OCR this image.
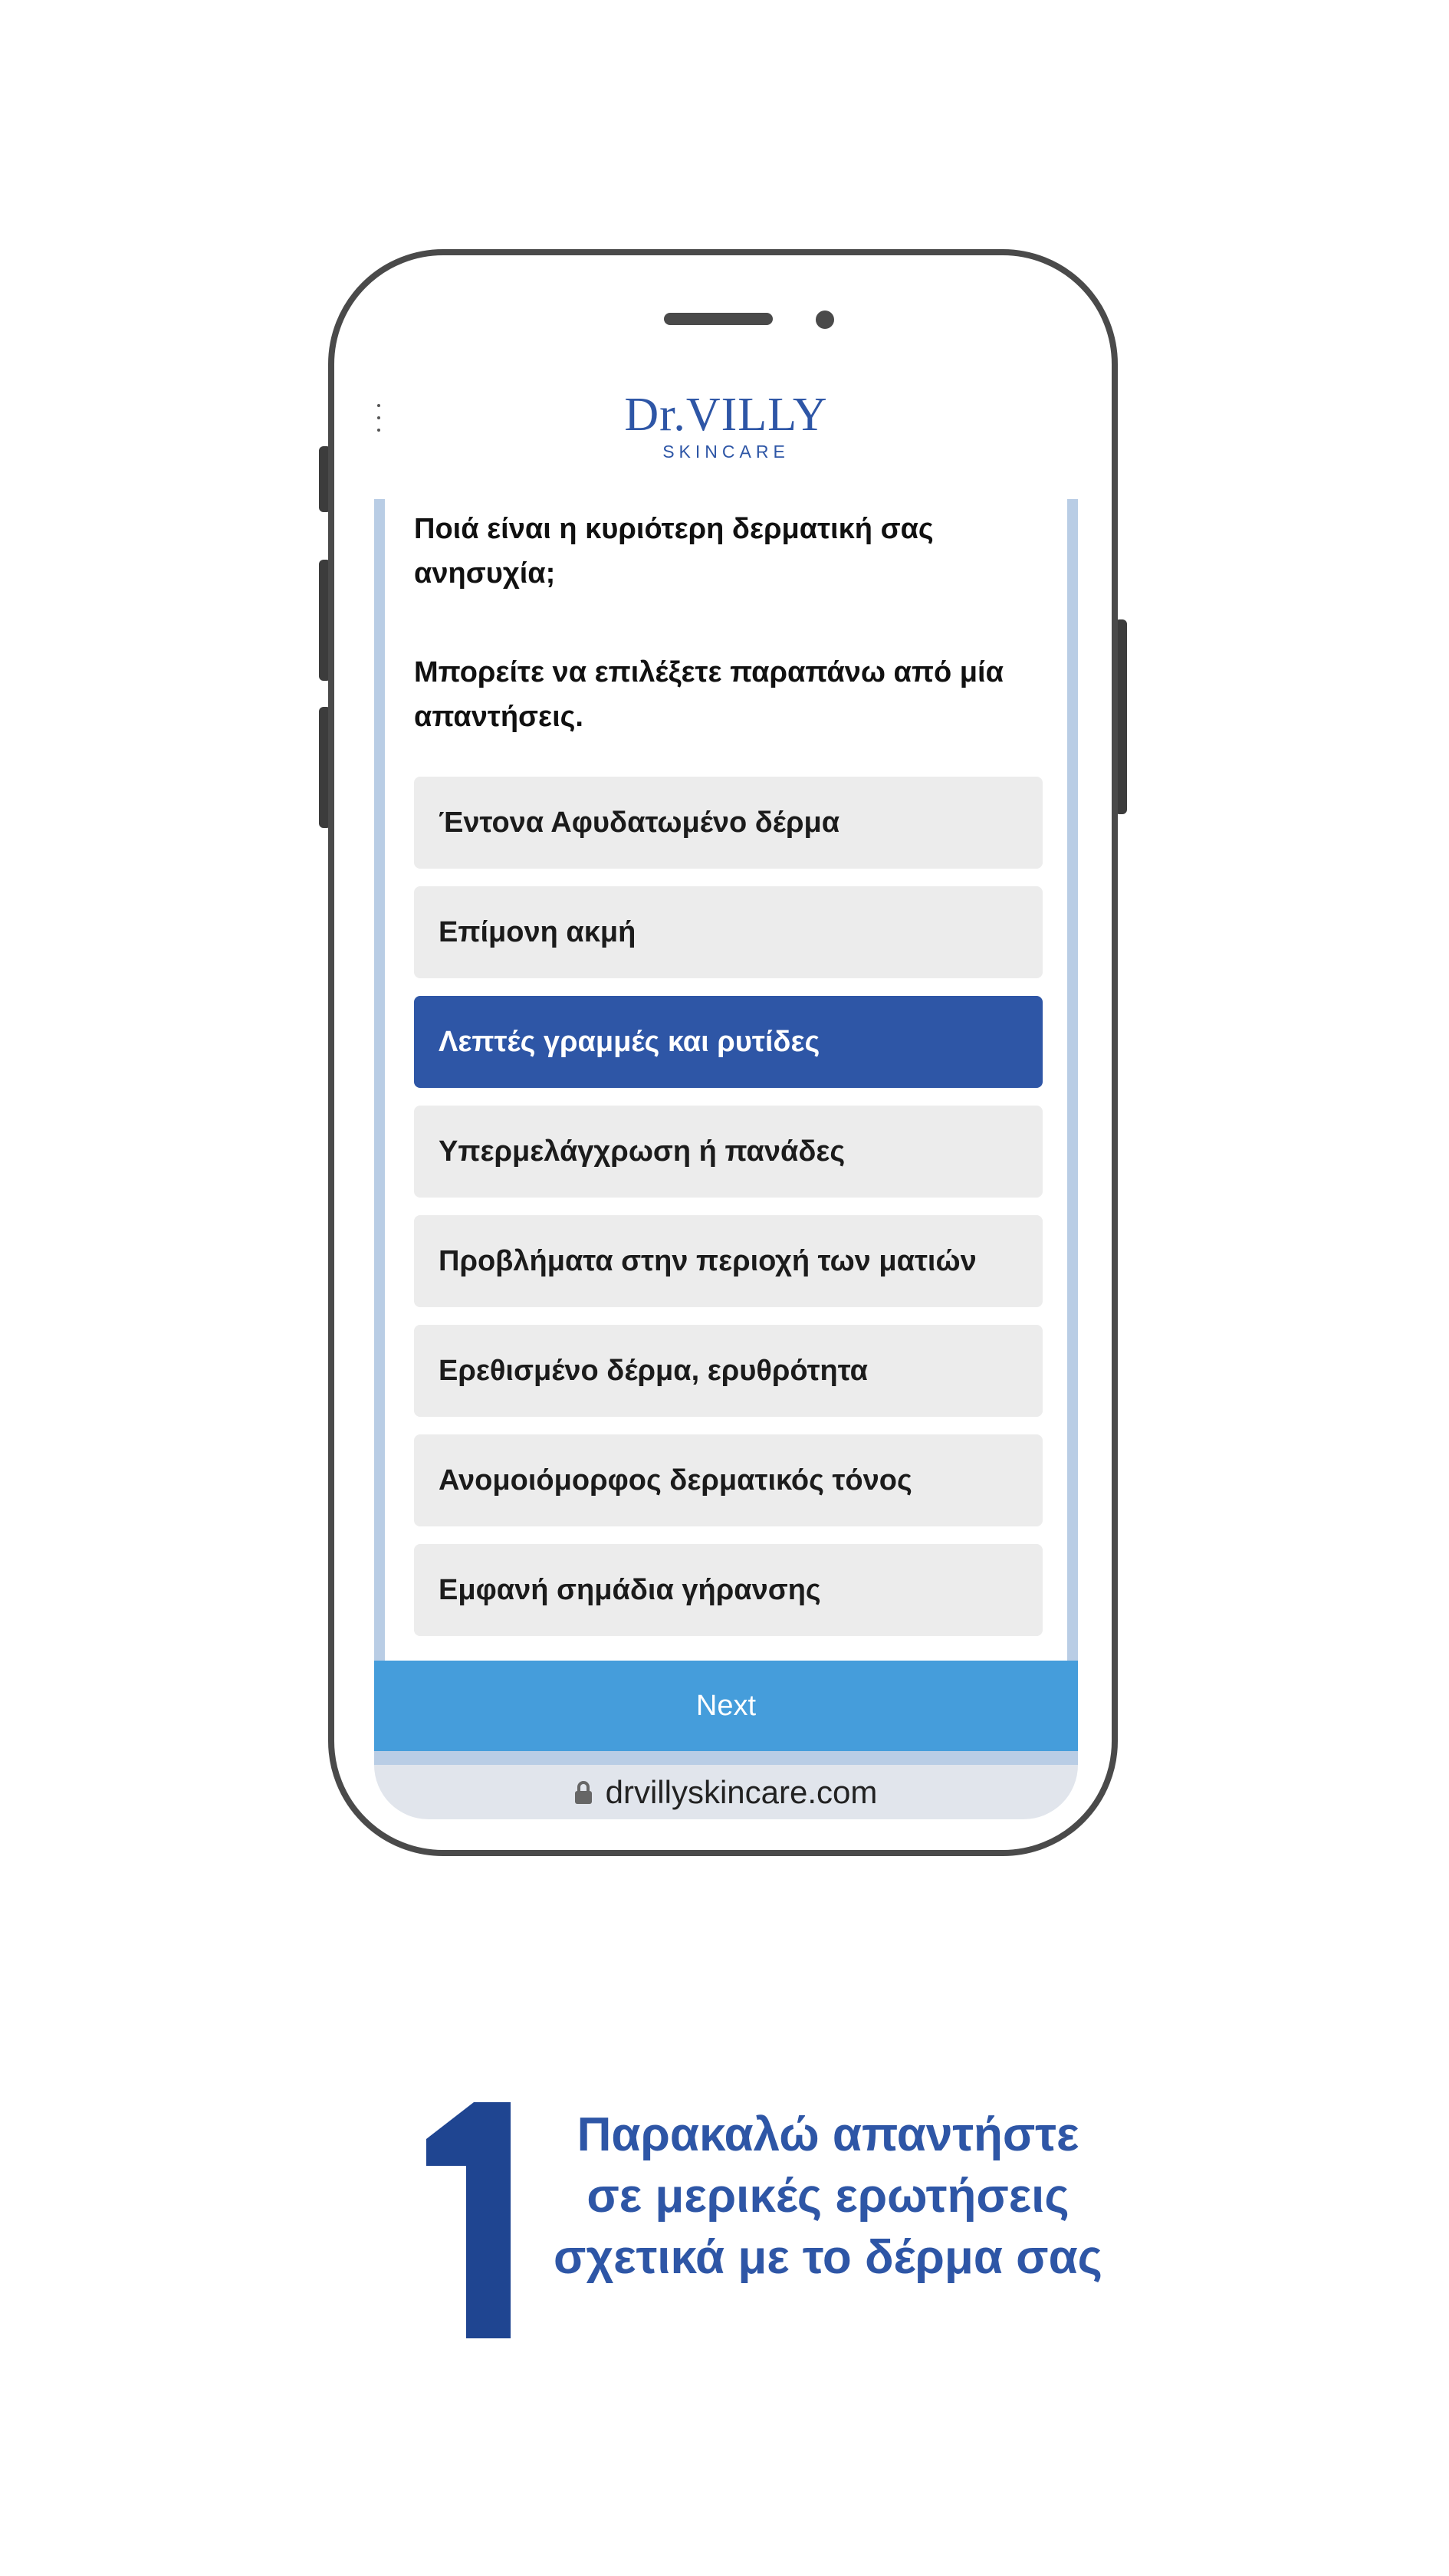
Dr.VILLY
SKINCARE
Ποιά είναι η κυριότερη δερματική σας ανησυχία;
Μπορείτε να επιλέξετε παραπάνω από μία απαντήσεις.
Έντονα Αφυδατωμένο δέρμα
Επίμονη ακμή
Λεπτές γραμμές και ρυτίδες
Υπερμελάγχρωση ή πανάδες
Προβλήματα στην περιοχή των ματιών
Ερεθισμένο δέρμα, ερυθρότητα
Ανομοιόμορφος δερματικός τόνος
Εμφανή σημάδια γήρανσης
Next
drvillyskincare.com
Παρακαλώ απαντήστε σε μερικές ερωτήσεις σχετικά με το δέρμα σας
